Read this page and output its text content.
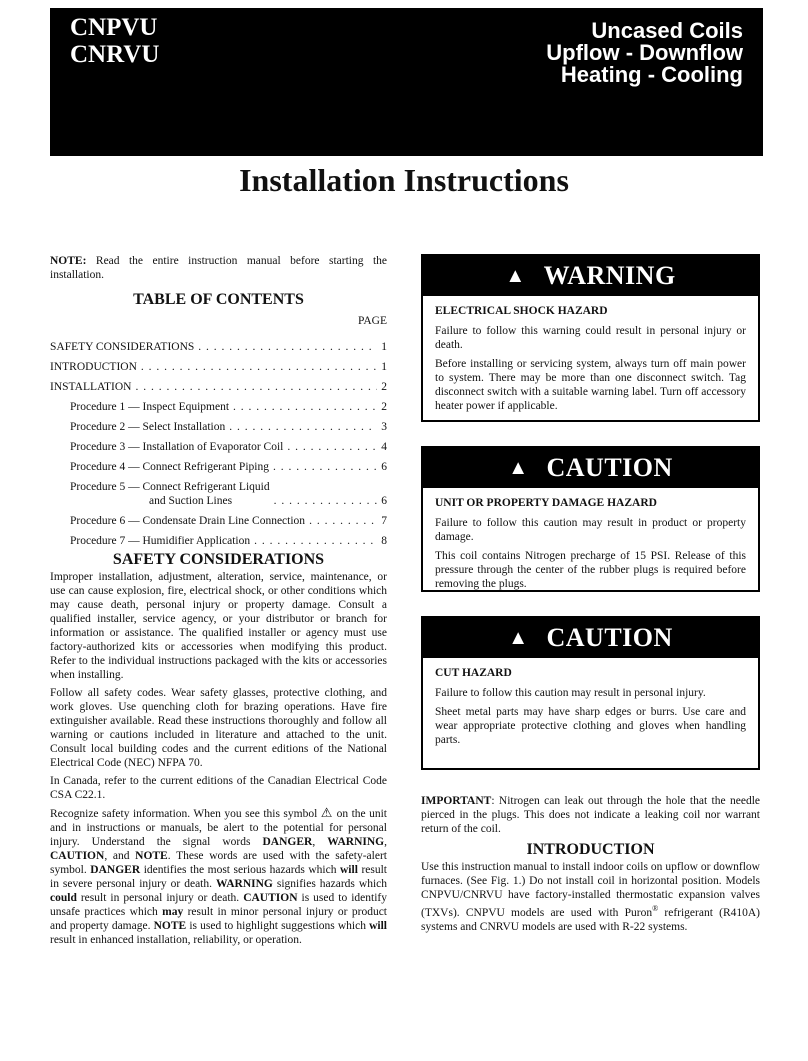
CNPVU
CNRVU
Uncased Coils
Upflow - Downflow
Heating - Cooling
Installation Instructions

NOTE: Read the entire instruction manual before starting the installation.

TABLE OF CONTENTS
PAGE
SAFETY CONSIDERATIONS . . .	1
INTRODUCTION . . .	1
INSTALLATION . . .	2
Procedure 1 — Inspect Equipment . . .	2
Procedure 2 — Select Installation . . .	3
Procedure 3 — Installation of Evaporator Coil . . .	4
Procedure 4 — Connect Refrigerant Piping . . .	6
Procedure 5 — Connect Refrigerant Liquid
and Suction Lines . . .	6
Procedure 6 — Condensate Drain Line Connection . . .	7
Procedure 7 — Humidifier Application . . .	8
SAFETY CONSIDERATIONS

Improper installation, adjustment, alteration, service, maintenance, or use can cause explosion, fire, electrical shock, or other conditions which may cause death, personal injury or property damage. Consult a qualified installer, service agency, or your distributor or branch for information or assistance. The qualified installer or agency must use factory-authorized kits or accessories when modifying this product. Refer to the individual instructions packaged with the kits or accessories when installing.

Follow all safety codes. Wear safety glasses, protective clothing, and work gloves. Use quenching cloth for brazing operations. Have fire extinguisher available. Read these instructions thoroughly and follow all warning or cautions included in literature and attached to the unit. Consult local building codes and the current editions of the National Electrical Code (NEC) NFPA 70.

In Canada, refer to the current editions of the Canadian Electrical Code CSA C22.1.

Recognize safety information. When you see this symbol ⚠ on the unit and in instructions or manuals, be alert to the potential for personal injury. Understand the signal words DANGER, WARNING, CAUTION, and NOTE. These words are used with the safety-alert symbol. DANGER identifies the most serious hazards which will result in severe personal injury or death. WARNING signifies hazards which could result in personal injury or death. CAUTION is used to identify unsafe practices which may result in minor personal injury or product and property damage. NOTE is used to highlight suggestions which will result in enhanced installation, reliability, or operation.

▲ WARNING

ELECTRICAL SHOCK HAZARD

Failure to follow this warning could result in personal injury or death.

Before installing or servicing system, always turn off main power to system. There may be more than one disconnect switch. Tag disconnect switch with a suitable warning label. Turn off accessory heater power if applicable.

▲ CAUTION

UNIT OR PROPERTY DAMAGE HAZARD

Failure to follow this caution may result in product or property damage.

This coil contains Nitrogen precharge of 15 PSI. Release of this pressure through the center of the rubber plugs is required before removing the plugs.

▲ CAUTION

CUT HAZARD

Failure to follow this caution may result in personal injury.

Sheet metal parts may have sharp edges or burrs. Use care and wear appropriate protective clothing and gloves when handling parts.

IMPORTANT: Nitrogen can leak out through the hole that the needle pierced in the plugs. This does not indicate a leaking coil nor warrant return of the coil.

INTRODUCTION

Use this instruction manual to install indoor coils on upflow or downflow furnaces. (See Fig. 1.) Do not install coil in horizontal position. Models CNPVU/CNRVU have factory-installed thermostatic expansion valves (TXVs). CNPVU models are used with Puron® refrigerant (R410A) systems and CNRVU models are used with R-22 systems.
